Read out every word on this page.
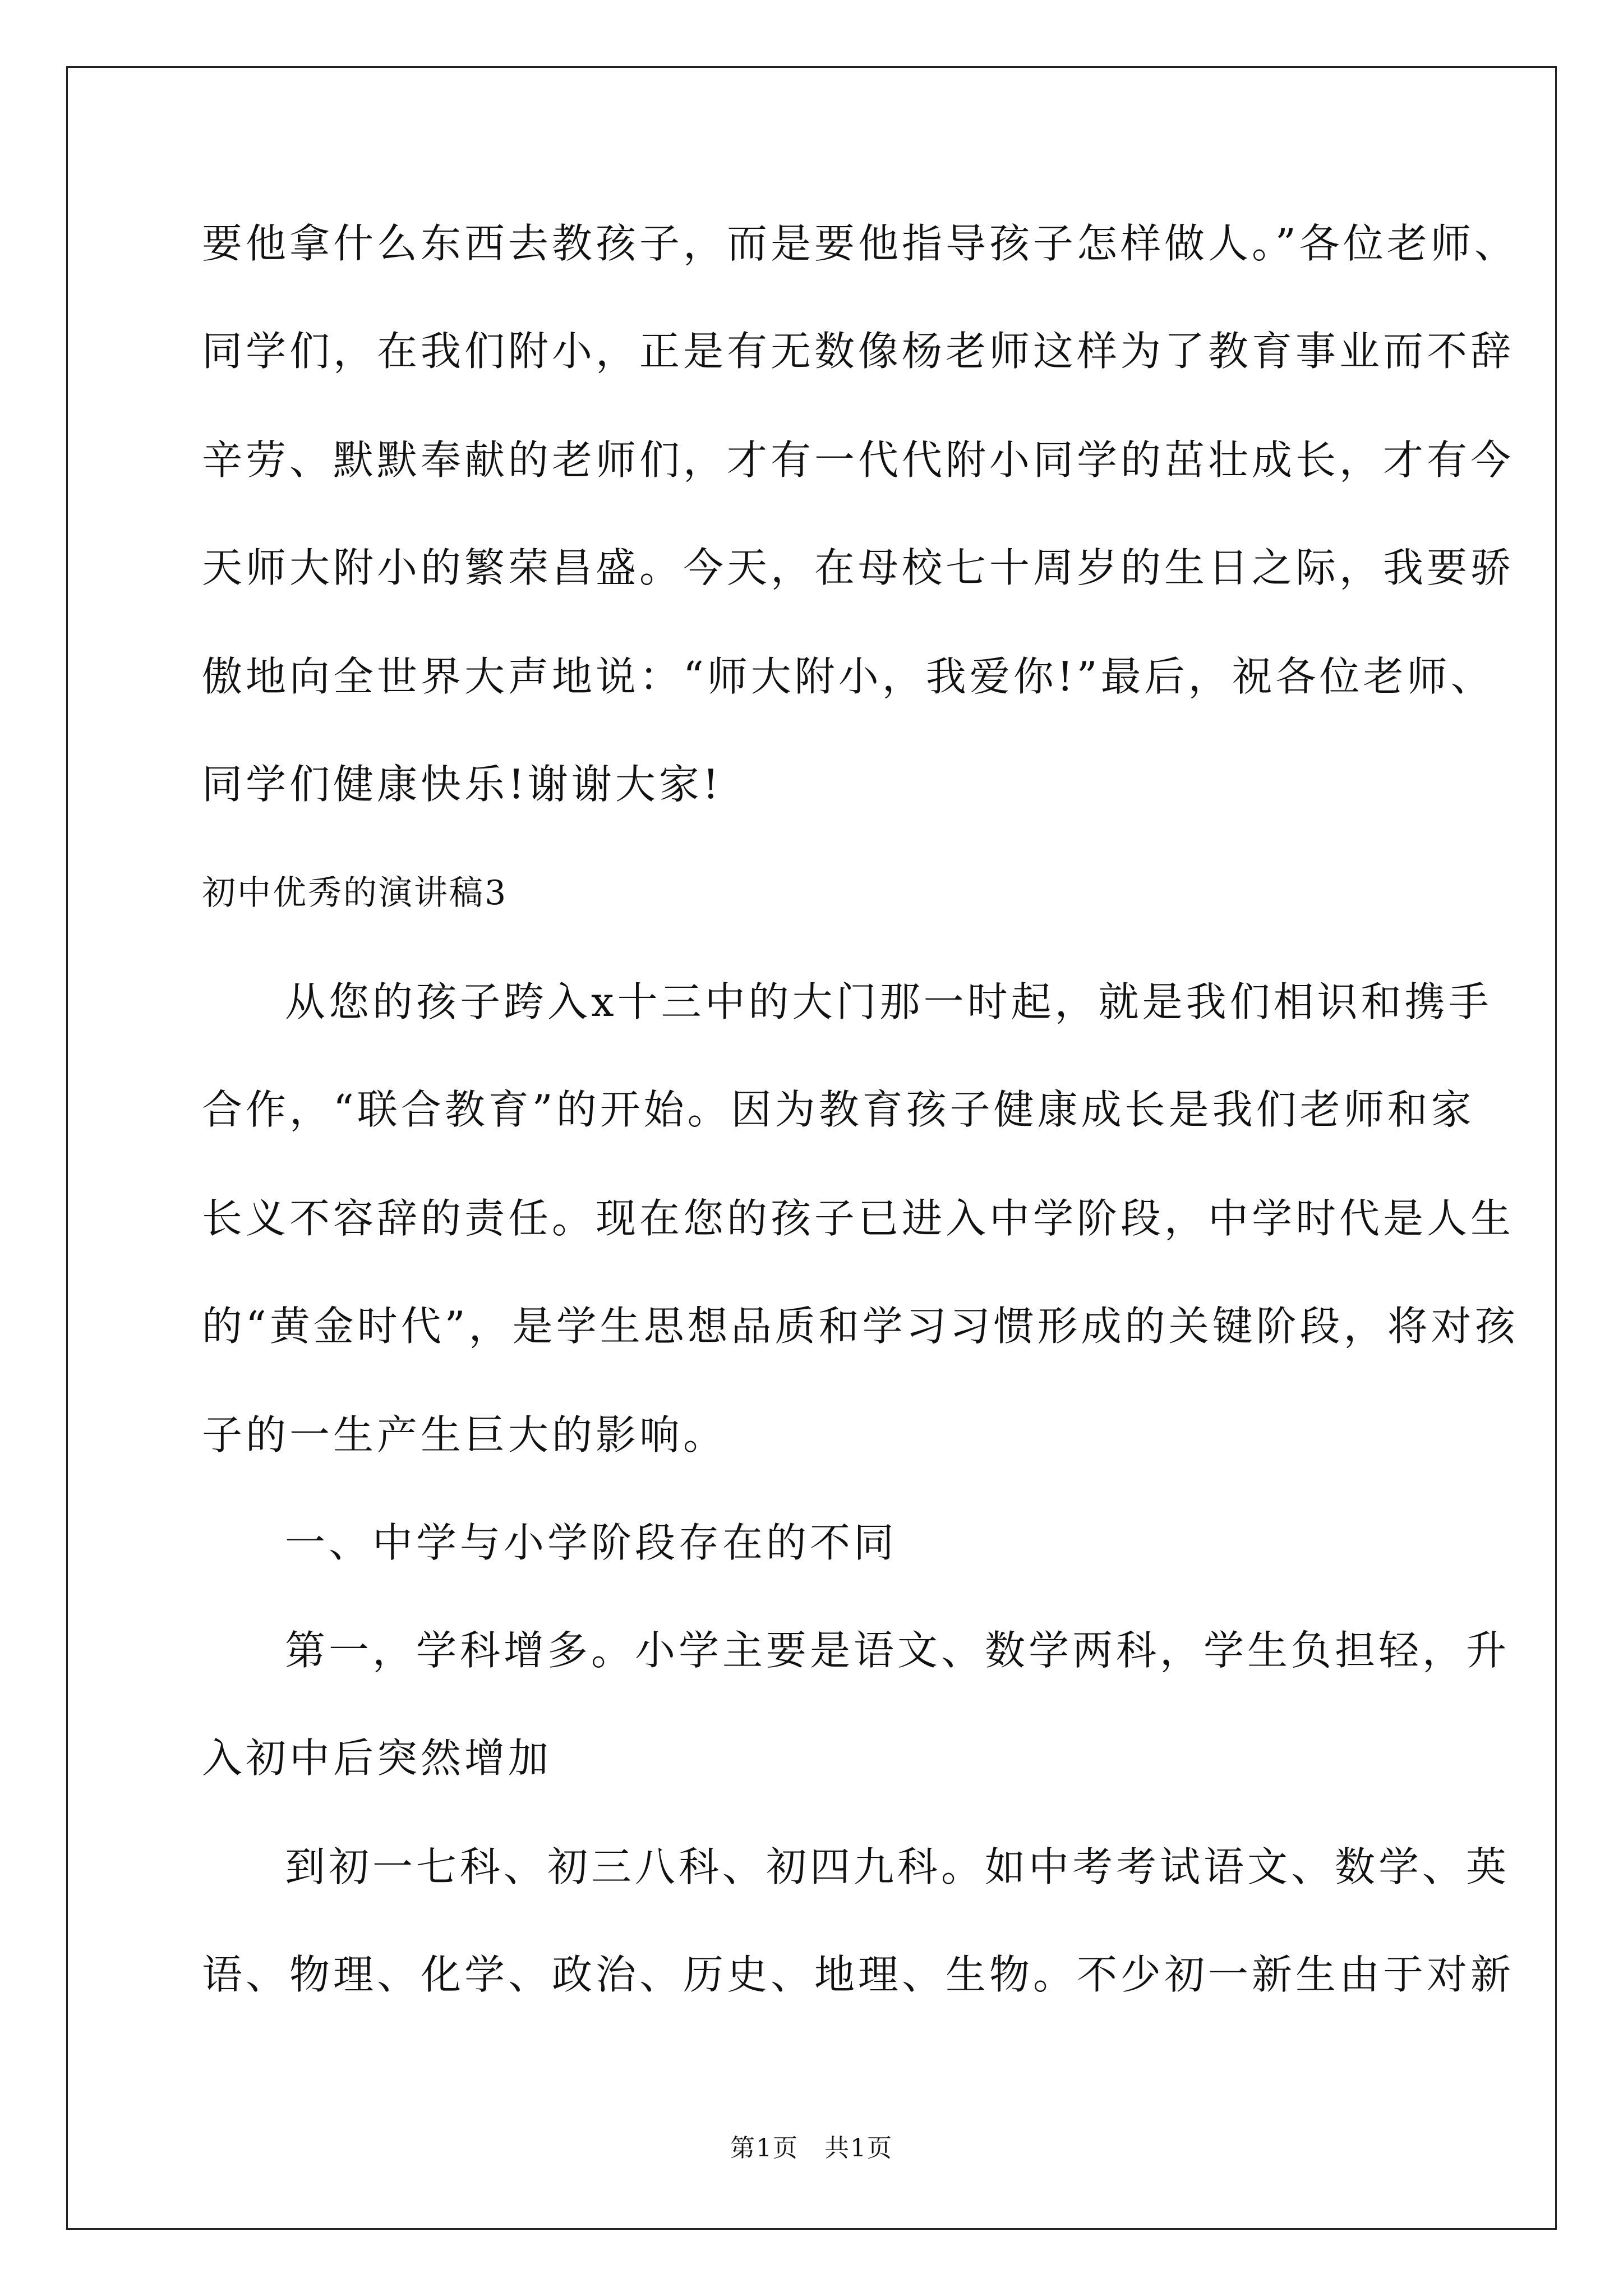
要他拿什么东西去教孩子，而是要他指导孩子怎样做人。”各位老师、
同学们，在我们附小，正是有无数像杨老师这样为了教育事业而不辞
辛劳、默默奉献的老师们，才有一代代附小同学的茁壮成长，才有今
天师大附小的繁荣昌盛。今天，在母校七十周岁的生日之际，我要骄
傲地向全世界大声地说：“师大附小，我爱你!”最后，祝各位老师、
同学们健康快乐!谢谢大家!
初中优秀的演讲稿3
从您的孩子跨入x十三中的大门那一时起，就是我们相识和携手
合作，“联合教育”的开始。因为教育孩子健康成长是我们老师和家
长义不容辞的责任。现在您的孩子已进入中学阶段，中学时代是人生
的“黄金时代”，是学生思想品质和学习习惯形成的关键阶段，将对孩
子的一生产生巨大的影响。
一、中学与小学阶段存在的不同
第一，学科增多。小学主要是语文、数学两科，学生负担轻，升
入初中后突然增加
到初一七科、初三八科、初四九科。如中考考试语文、数学、英
语、物理、化学、政治、历史、地理、生物。不少初一新生由于对新
第1页　共1页
